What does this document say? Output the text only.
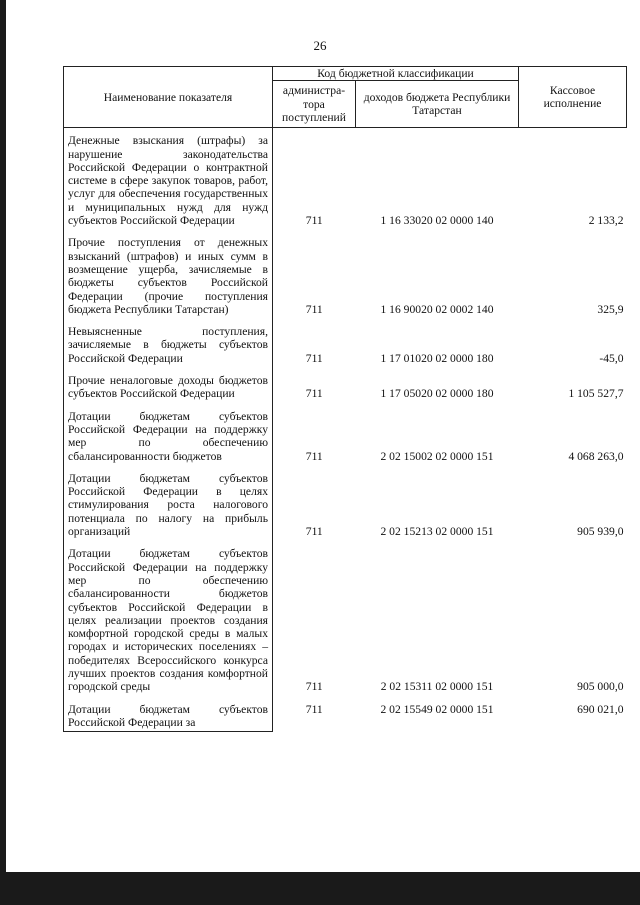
26
Наименование показателя	Код бюджетной классификации		Кассовое исполнение
	администра-тора поступлений	доходов бюджета Республики Татарстан	
Денежные взыскания (штрафы) за нарушение законодательства Российской Федерации о контрактной системе в сфере закупок товаров, работ, услуг для обеспечения государственных и муниципальных нужд для нужд субъектов Российской Федерации	711	1 16 33020 02 0000 140	2 133,2
Прочие поступления от денежных взысканий (штрафов) и иных сумм в возмещение ущерба, зачисляемые в бюджеты субъектов Российской Федерации (прочие поступления бюджета Республики Татарстан)	711	1 16 90020 02 0002 140	325,9
Невыясненные поступления, зачисляемые в бюджеты субъектов Российской Федерации	711	1 17 01020 02 0000 180	-45,0
Прочие неналоговые доходы бюджетов субъектов Российской Федерации	711	1 17 05020 02 0000 180	1 105 527,7
Дотации бюджетам субъектов Российской Федерации на поддержку мер по обеспечению сбалансированности бюджетов	711	2 02 15002 02 0000 151	4 068 263,0
Дотации бюджетам субъектов Российской Федерации в целях стимулирования роста налогового потенциала по налогу на прибыль организаций	711	2 02 15213 02 0000 151	905 939,0
Дотации бюджетам субъектов Российской Федерации на поддержку мер по обеспечению сбалансированности бюджетов субъектов Российской Федерации в целях реализации проектов создания комфортной городской среды в малых городах и исторических поселениях – победителях Всероссийского конкурса лучших проектов создания комфортной городской среды	711	2 02 15311 02 0000 151	905 000,0
Дотации бюджетам субъектов Российской Федерации за	711	2 02 15549 02 0000 151	690 021,0
